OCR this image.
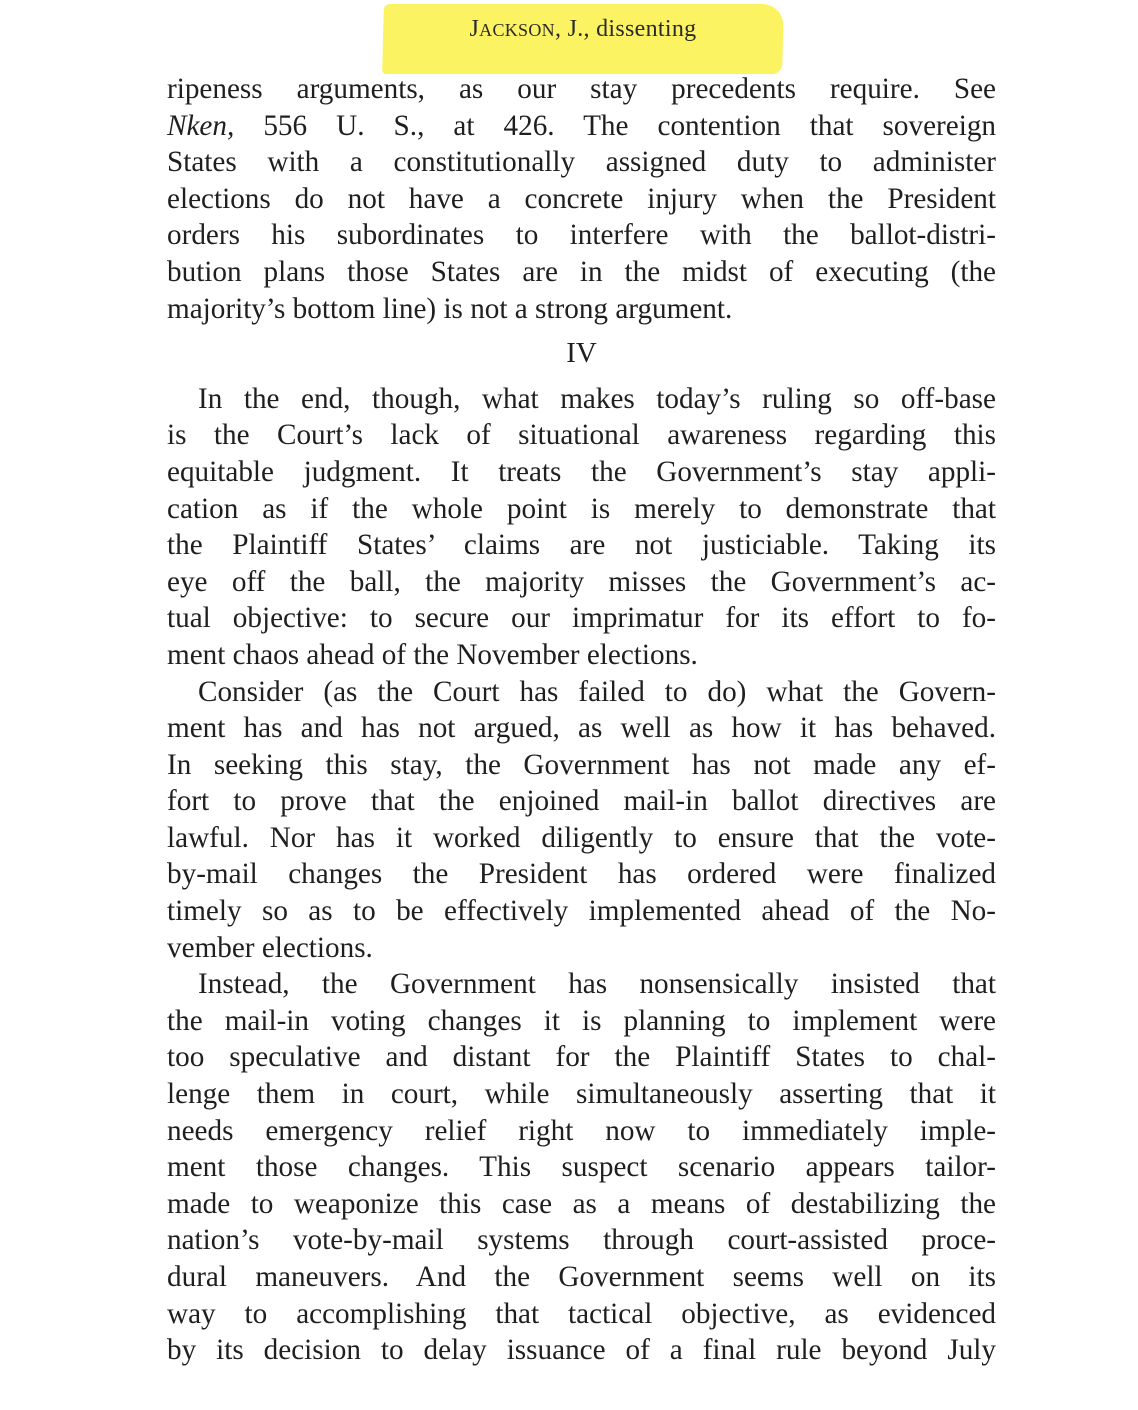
JACKSON, J., dissenting
ripeness arguments, as our stay precedents require. See
Nken, 556 U. S., at 426. The contention that sovereign
States with a constitutionally assigned duty to administer
elections do not have a concrete injury when the President
orders his subordinates to interfere with the ballot-distri-
bution plans those States are in the midst of executing (the
majority’s bottom line) is not a strong argument.
IV
In the end, though, what makes today’s ruling so off-base
is the Court’s lack of situational awareness regarding this
equitable judgment. It treats the Government’s stay appli-
cation as if the whole point is merely to demonstrate that
the Plaintiff States’ claims are not justiciable. Taking its
eye off the ball, the majority misses the Government’s ac-
tual objective: to secure our imprimatur for its effort to fo-
ment chaos ahead of the November elections.
Consider (as the Court has failed to do) what the Govern-
ment has and has not argued, as well as how it has behaved.
In seeking this stay, the Government has not made any ef-
fort to prove that the enjoined mail-in ballot directives are
lawful. Nor has it worked diligently to ensure that the vote-
by-mail changes the President has ordered were finalized
timely so as to be effectively implemented ahead of the No-
vember elections.
Instead, the Government has nonsensically insisted that
the mail-in voting changes it is planning to implement were
too speculative and distant for the Plaintiff States to chal-
lenge them in court, while simultaneously asserting that it
needs emergency relief right now to immediately imple-
ment those changes. This suspect scenario appears tailor-
made to weaponize this case as a means of destabilizing the
nation’s vote-by-mail systems through court-assisted proce-
dural maneuvers. And the Government seems well on its
way to accomplishing that tactical objective, as evidenced
by its decision to delay issuance of a final rule beyond July
